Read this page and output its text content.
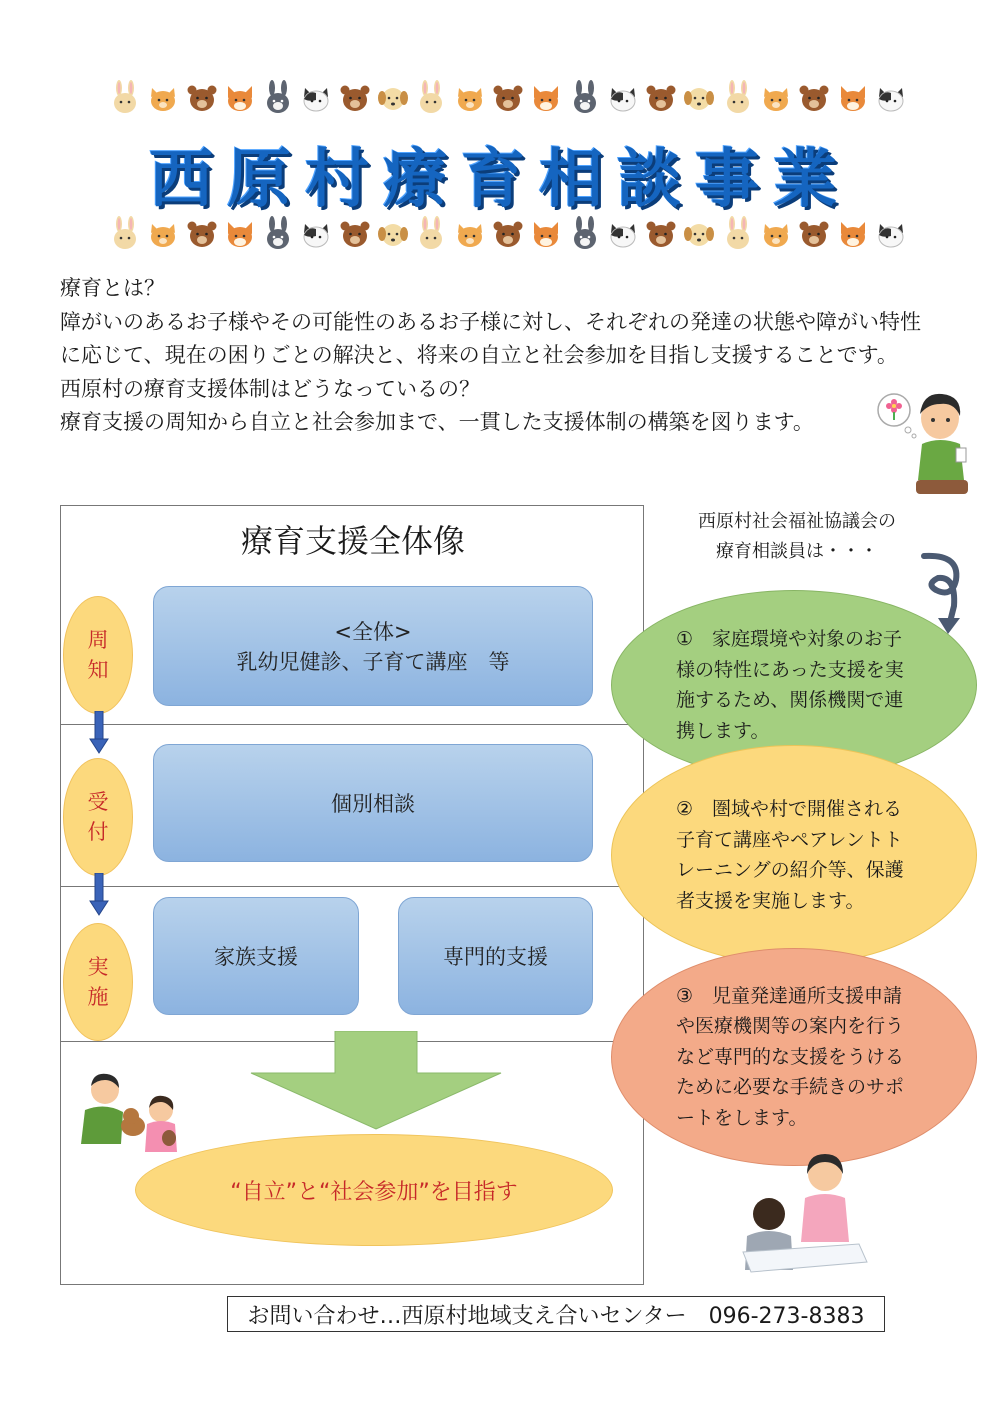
西原村療育相談事業

療育とは？

障がいのあるお子様やその可能性のあるお子様に対し、それぞれの発達の状態や障がい特性に応じて、現在の困りごとの解決と、将来の自立と社会参加を目指し支援することです。

西原村の療育支援体制はどうなっているの？

療育支援の周知から自立と社会参加まで、一貫した支援体制の構築を図ります。

療育支援全体像
周
知
受
付
実
施
<全体>
乳幼児健診、子育て講座　等
個別相談
家族支援	専門的支援
“自立”と“社会参加”を目指す
西原村社会福祉協議会の
療育相談員は・・・
①　家庭環境や対象のお子様の特性にあった支援を実施するため、関係機関で連携します。
②　圏域や村で開催される子育て講座やペアレントトレーニングの紹介等、保護者支援を実施します。
③　児童発達通所支援申請や医療機関等の案内を行うなど専門的な支援をうけるために必要な手続きのサポートをします。
お問い合わせ…西原村地域支え合いセンター　096-273-8383
